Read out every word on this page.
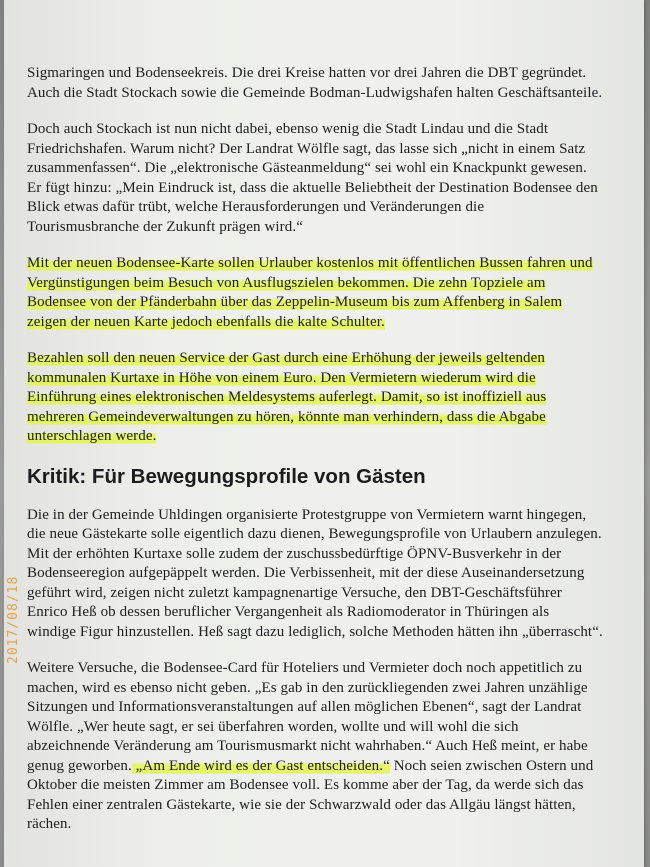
Sigmaringen und Bodenseekreis. Die drei Kreise hatten vor drei Jahren die DBT gegründet.
Auch die Stadt Stockach sowie die Gemeinde Bodman-Ludwigshafen halten Geschäftsanteile.

Doch auch Stockach ist nun nicht dabei, ebenso wenig die Stadt Lindau und die Stadt
Friedrichshafen. Warum nicht? Der Landrat Wölfle sagt, das lasse sich „nicht in einem Satz
zusammenfassen“. Die „elektronische Gästeanmeldung“ sei wohl ein Knackpunkt gewesen.
Er fügt hinzu: „Mein Eindruck ist, dass die aktuelle Beliebtheit der Destination Bodensee den
Blick etwas dafür trübt, welche Herausforderungen und Veränderungen die
Tourismusbranche der Zukunft prägen wird.“

Mit der neuen Bodensee-Karte sollen Urlauber kostenlos mit öffentlichen Bussen fahren und
Vergünstigungen beim Besuch von Ausflugszielen bekommen. Die zehn Topziele am
Bodensee von der Pfänderbahn über das Zeppelin-Museum bis zum Affenberg in Salem
zeigen der neuen Karte jedoch ebenfalls die kalte Schulter.

Bezahlen soll den neuen Service der Gast durch eine Erhöhung der jeweils geltenden
kommunalen Kurtaxe in Höhe von einem Euro. Den Vermietern wiederum wird die
Einführung eines elektronischen Meldesystems auferlegt. Damit, so ist inoffiziell aus
mehreren Gemeindeverwaltungen zu hören, könnte man verhindern, dass die Abgabe
unterschlagen werde.

Kritik: Für Bewegungsprofile von Gästen

Die in der Gemeinde Uhldingen organisierte Protestgruppe von Vermietern warnt hingegen,
die neue Gästekarte solle eigentlich dazu dienen, Bewegungsprofile von Urlaubern anzulegen.
Mit der erhöhten Kurtaxe solle zudem der zuschussbedürftige ÖPNV-Busverkehr in der
Bodenseeregion aufgepäppelt werden. Die Verbissenheit, mit der diese Auseinandersetzung
geführt wird, zeigen nicht zuletzt kampagnenartige Versuche, den DBT-Geschäftsführer
Enrico Heß ob dessen beruflicher Vergangenheit als Radiomoderator in Thüringen als
windige Figur hinzustellen. Heß sagt dazu lediglich, solche Methoden hätten ihn „überrascht“.

Weitere Versuche, die Bodensee-Card für Hoteliers und Vermieter doch noch appetitlich zu
machen, wird es ebenso nicht geben. „Es gab in den zurückliegenden zwei Jahren unzählige
Sitzungen und Informationsveranstaltungen auf allen möglichen Ebenen“, sagt der Landrat
Wölfle. „Wer heute sagt, er sei überfahren worden, wollte und will wohl die sich
abzeichnende Veränderung am Tourismusmarkt nicht wahrhaben.“ Auch Heß meint, er habe
genug geworben. „Am Ende wird es der Gast entscheiden.“ Noch seien zwischen Ostern und
Oktober die meisten Zimmer am Bodensee voll. Es komme aber der Tag, da werde sich das
Fehlen einer zentralen Gästekarte, wie sie der Schwarzwald oder das Allgäu längst hätten,
rächen.

2017/08/18
